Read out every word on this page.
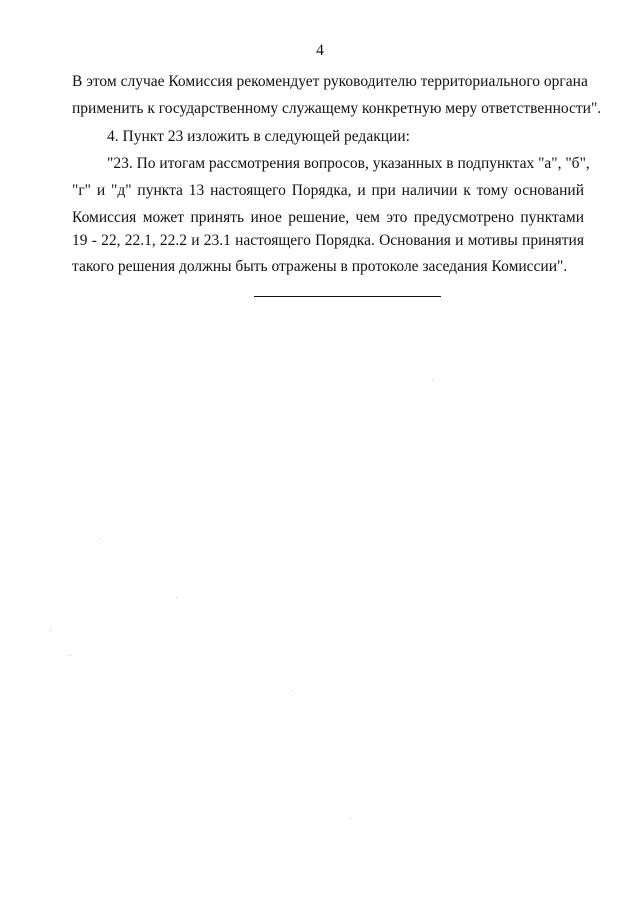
4
В этом случае Комиссия рекомендует руководителю территориального органа
применить к государственному служащему конкретную меру ответственности".
4. Пункт 23 изложить в следующей редакции:
"23. По итогам рассмотрения вопросов, указанных в подпунктах "а", "б",
"г" и "д" пункта 13 настоящего Порядка, и при наличии к тому оснований
Комиссия может принять иное решение, чем это предусмотрено пунктами
19 - 22, 22.1, 22.2 и 23.1 настоящего Порядка. Основания и мотивы принятия
такого решения должны быть отражены в протоколе заседания Комиссии".
